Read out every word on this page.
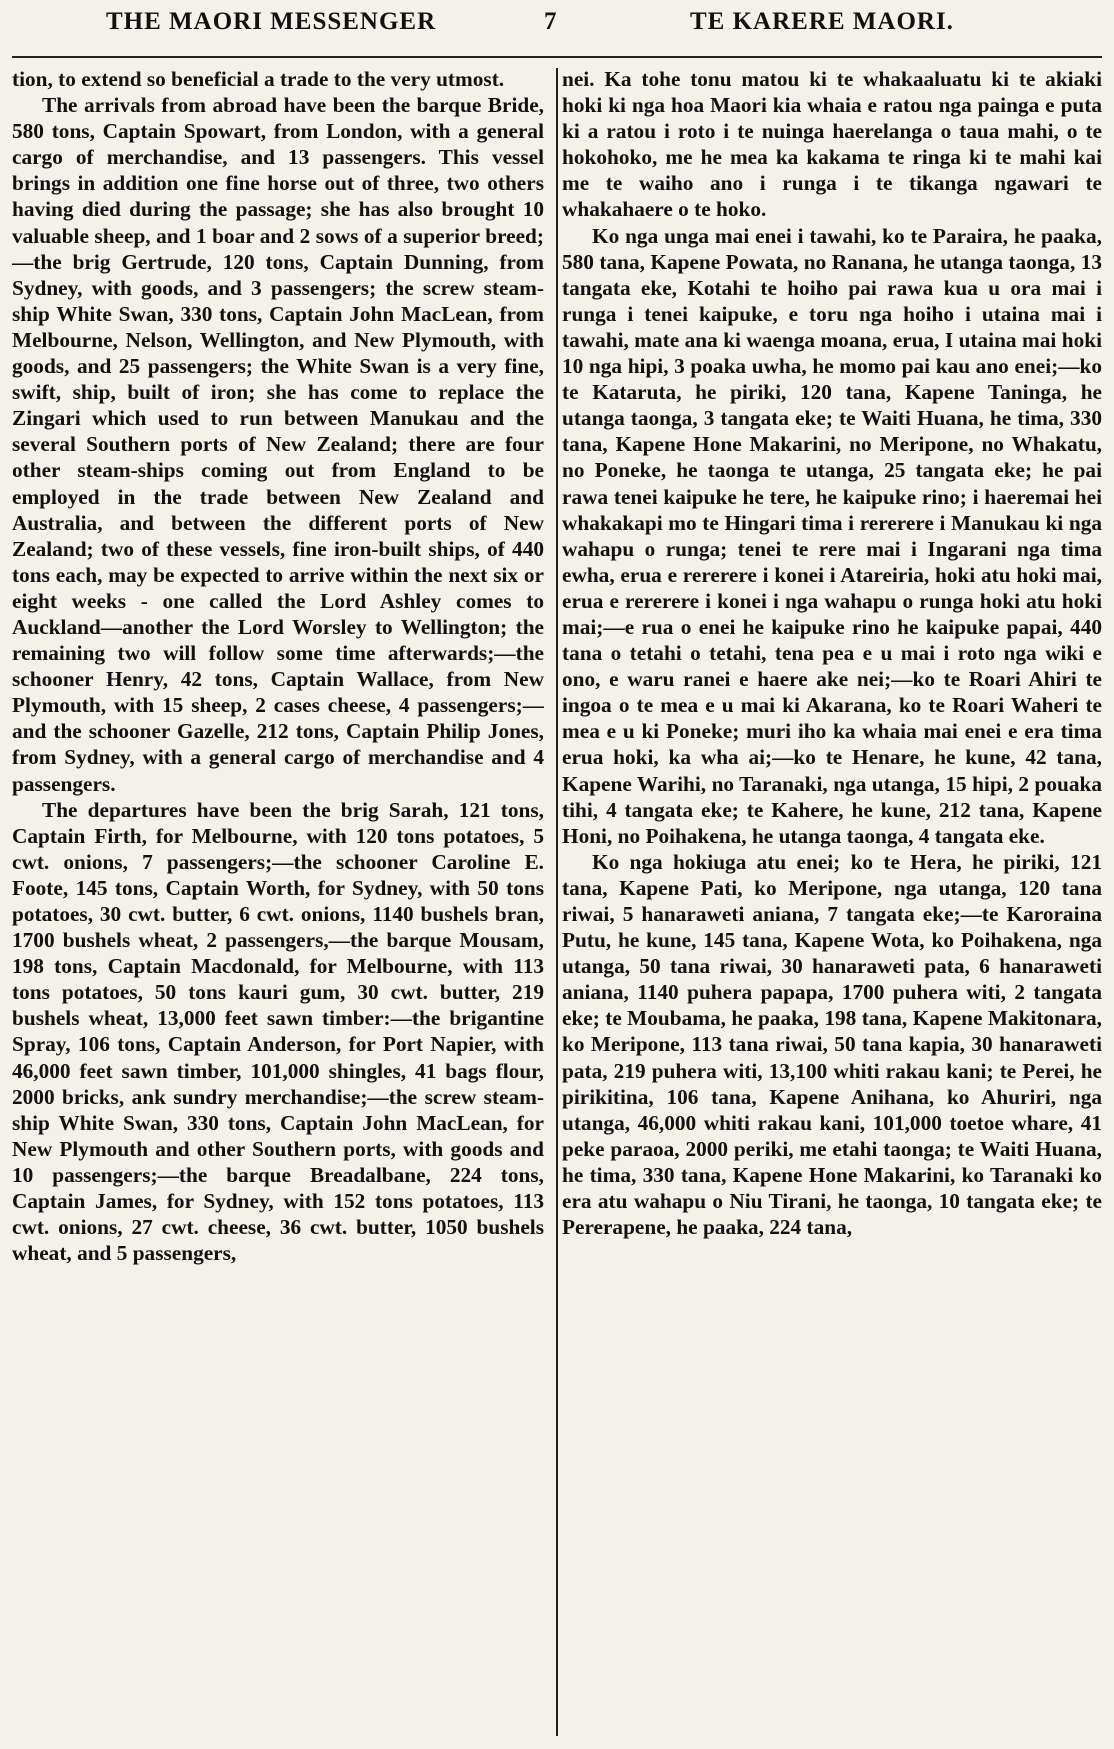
THE MAORI MESSENGER	7	TE KARERE MAORI.

tion, to extend so beneficial a trade to the very utmost.

The arrivals from abroad have been the barque Bride, 580 tons, Captain Spowart, from London, with a general cargo of merchandise, and 13 passengers. This vessel brings in addition one fine horse out of three, two others having died during the passage; she has also brought 10 valuable sheep, and 1 boar and 2 sows of a superior breed;—the brig Gertrude, 120 tons, Captain Dunning, from Sydney, with goods, and 3 passengers; the screw steam-ship White Swan, 330 tons, Captain John MacLean, from Melbourne, Nelson, Wellington, and New Plymouth, with goods, and 25 passengers; the White Swan is a very fine, swift, ship, built of iron; she has come to replace the Zingari which used to run between Manukau and the several Southern ports of New Zealand; there are four other steam-ships coming out from England to be employed in the trade between New Zealand and Australia, and between the different ports of New Zealand; two of these vessels, fine iron-built ships, of 440 tons each, may be expected to arrive within the next six or eight weeks - one called the Lord Ashley comes to Auckland—another the Lord Worsley to Wellington; the remaining two will follow some time afterwards;—the schooner Henry, 42 tons, Captain Wallace, from New Plymouth, with 15 sheep, 2 cases cheese, 4 passengers;—and the schooner Gazelle, 212 tons, Captain Philip Jones, from Sydney, with a general cargo of merchandise and 4 passengers.

The departures have been the brig Sarah, 121 tons, Captain Firth, for Melbourne, with 120 tons potatoes, 5 cwt. onions, 7 passengers;—the schooner Caroline E. Foote, 145 tons, Captain Worth, for Sydney, with 50 tons potatoes, 30 cwt. butter, 6 cwt. onions, 1140 bushels bran, 1700 bushels wheat, 2 passengers,—the barque Mousam, 198 tons, Captain Macdonald, for Melbourne, with 113 tons potatoes, 50 tons kauri gum, 30 cwt. butter, 219 bushels wheat, 13,000 feet sawn timber:—the brigantine Spray, 106 tons, Captain Anderson, for Port Napier, with 46,000 feet sawn timber, 101,000 shingles, 41 bags flour, 2000 bricks, ank sundry merchandise;—the screw steam-ship White Swan, 330 tons, Captain John MacLean, for New Plymouth and other Southern ports, with goods and 10 passengers;—the barque Breadalbane, 224 tons, Captain James, for Sydney, with 152 tons potatoes, 113 cwt. onions, 27 cwt. cheese, 36 cwt. butter, 1050 bushels wheat, and 5 passengers,

nei. Ka tohe tonu matou ki te whakaaluatu ki te akiaki hoki ki nga hoa Maori kia whaia e ratou nga painga e puta ki a ratou i roto i te nuinga haerelanga o taua mahi, o te hokohoko, me he mea ka kakama te ringa ki te mahi kai me te waiho ano i runga i te tikanga ngawari te whakahaere o te hoko.

Ko nga unga mai enei i tawahi, ko te Paraira, he paaka, 580 tana, Kapene Powata, no Ranana, he utanga taonga, 13 tangata eke, Kotahi te hoiho pai rawa kua u ora mai i runga i tenei kaipuke, e toru nga hoiho i utaina mai i tawahi, mate ana ki waenga moana, erua, I utaina mai hoki 10 nga hipi, 3 poaka uwha, he momo pai kau ano enei;—ko te Kataruta, he piriki, 120 tana, Kapene Taninga, he utanga taonga, 3 tangata eke; te Waiti Huana, he tima, 330 tana, Kapene Hone Makarini, no Meripone, no Whakatu, no Poneke, he taonga te utanga, 25 tangata eke; he pai rawa tenei kaipuke he tere, he kaipuke rino; i haeremai hei whakakapi mo te Hingari tima i rererere i Manukau ki nga wahapu o runga; tenei te rere mai i Ingarani nga tima ewha, erua e rererere i konei i Atareiria, hoki atu hoki mai, erua e rererere i konei i nga wahapu o runga hoki atu hoki mai;—e rua o enei he kaipuke rino he kaipuke papai, 440 tana o tetahi o tetahi, tena pea e u mai i roto nga wiki e ono, e waru ranei e haere ake nei;—ko te Roari Ahiri te ingoa o te mea e u mai ki Akarana, ko te Roari Waheri te mea e u ki Poneke; muri iho ka whaia mai enei e era tima erua hoki, ka wha ai;—ko te Henare, he kune, 42 tana, Kapene Warihi, no Taranaki, nga utanga, 15 hipi, 2 pouaka tihi, 4 tangata eke; te Kahere, he kune, 212 tana, Kapene Honi, no Poihakena, he utanga taonga, 4 tangata eke.

Ko nga hokiuga atu enei; ko te Hera, he piriki, 121 tana, Kapene Pati, ko Meripone, nga utanga, 120 tana riwai, 5 hanaraweti aniana, 7 tangata eke;—te Karoraina Putu, he kune, 145 tana, Kapene Wota, ko Poihakena, nga utanga, 50 tana riwai, 30 hanaraweti pata, 6 hanaraweti aniana, 1140 puhera papapa, 1700 puhera witi, 2 tangata eke; te Moubama, he paaka, 198 tana, Kapene Makitonara, ko Meripone, 113 tana riwai, 50 tana kapia, 30 hanaraweti pata, 219 puhera witi, 13,100 whiti rakau kani; te Perei, he pirikitina, 106 tana, Kapene Anihana, ko Ahuriri, nga utanga, 46,000 whiti rakau kani, 101,000 toetoe whare, 41 peke paraoa, 2000 periki, me etahi taonga; te Waiti Huana, he tima, 330 tana, Kapene Hone Makarini, ko Taranaki ko era atu wahapu o Niu Tirani, he taonga, 10 tangata eke; te Pererapene, he paaka, 224 tana,
